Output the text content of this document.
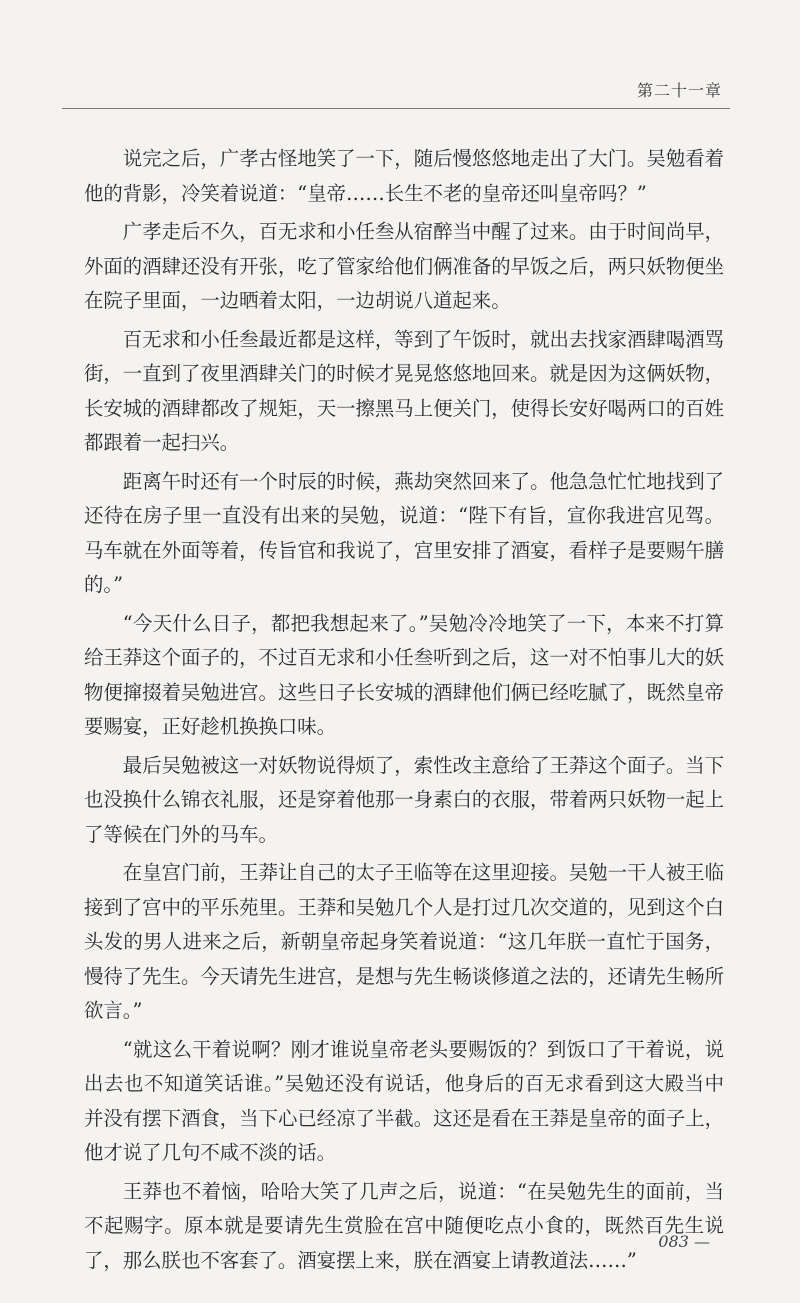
第二十一章

说完之后，广孝古怪地笑了一下，随后慢悠悠地走出了大门。吴勉看着他的背影，冷笑着说道：“皇帝……长生不老的皇帝还叫皇帝吗？”

广孝走后不久，百无求和小任叁从宿醉当中醒了过来。由于时间尚早，外面的酒肆还没有开张，吃了管家给他们俩准备的早饭之后，两只妖物便坐在院子里面，一边晒着太阳，一边胡说八道起来。

百无求和小任叁最近都是这样，等到了午饭时，就出去找家酒肆喝酒骂街，一直到了夜里酒肆关门的时候才晃晃悠悠地回来。就是因为这俩妖物，长安城的酒肆都改了规矩，天一擦黑马上便关门，使得长安好喝两口的百姓都跟着一起扫兴。

距离午时还有一个时辰的时候，燕劫突然回来了。他急急忙忙地找到了还待在房子里一直没有出来的吴勉，说道：“陛下有旨，宣你我进宫见驾。马车就在外面等着，传旨官和我说了，宫里安排了酒宴，看样子是要赐午膳的。”

“今天什么日子，都把我想起来了。”吴勉冷冷地笑了一下，本来不打算给王莽这个面子的，不过百无求和小任叁听到之后，这一对不怕事儿大的妖物便撺掇着吴勉进宫。这些日子长安城的酒肆他们俩已经吃腻了，既然皇帝要赐宴，正好趁机换换口味。

最后吴勉被这一对妖物说得烦了，索性改主意给了王莽这个面子。当下也没换什么锦衣礼服，还是穿着他那一身素白的衣服，带着两只妖物一起上了等候在门外的马车。

在皇宫门前，王莽让自己的太子王临等在这里迎接。吴勉一干人被王临接到了宫中的平乐苑里。王莽和吴勉几个人是打过几次交道的，见到这个白头发的男人进来之后，新朝皇帝起身笑着说道：“这几年朕一直忙于国务，慢待了先生。今天请先生进宫，是想与先生畅谈修道之法的，还请先生畅所欲言。”

“就这么干着说啊？刚才谁说皇帝老头要赐饭的？到饭口了干着说，说出去也不知道笑话谁。”吴勉还没有说话，他身后的百无求看到这大殿当中并没有摆下酒食，当下心已经凉了半截。这还是看在王莽是皇帝的面子上，他才说了几句不咸不淡的话。

王莽也不着恼，哈哈大笑了几声之后，说道：“在吴勉先生的面前，当不起赐字。原本就是要请先生赏脸在宫中随便吃点小食的，既然百先生说了，那么朕也不客套了。酒宴摆上来，朕在酒宴上请教道法……”

083 —
